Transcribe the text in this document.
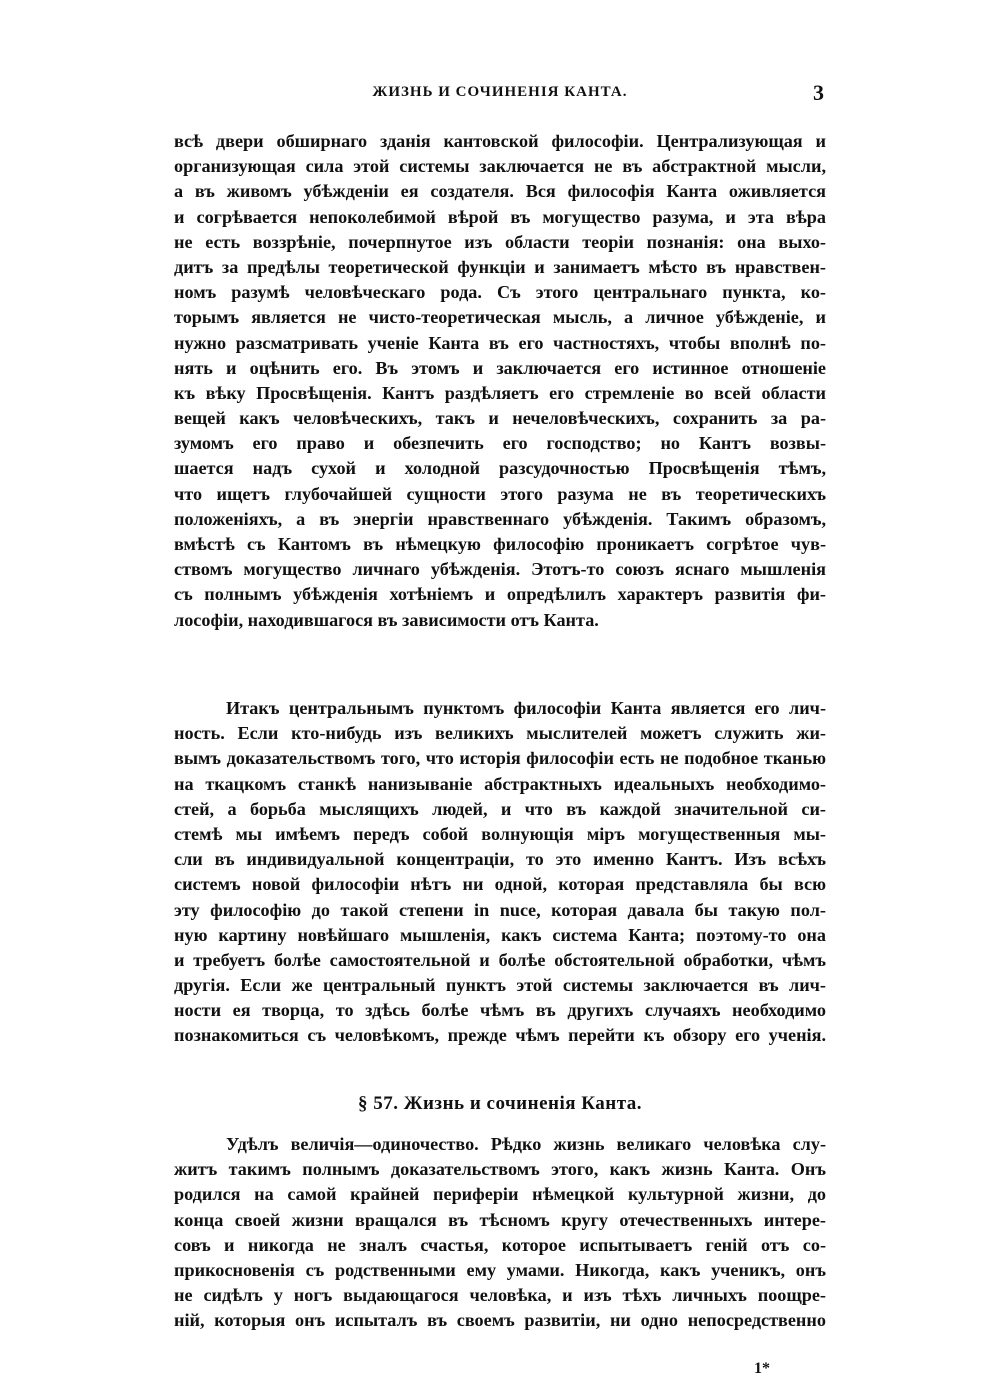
ЖИЗНЬ И СОЧИНЕНІЯ КАНТА.	3
всѣ двери обширнаго зданія кантовской философіи. Централизующая и
организующая сила этой системы заключается не въ абстрактной мысли,
а въ живомъ убѣжденіи ея создателя. Вся философія Канта оживляется
и согрѣвается непоколебимой вѣрой въ могущество разума, и эта вѣра
не есть воззрѣніе, почерпнутое изъ области теоріи познанія: она выхо-
дитъ за предѣлы теоретической функціи и занимаетъ мѣсто въ нравствен-
номъ разумѣ человѣческаго рода. Съ этого центральнаго пункта, ко-
торымъ является не чисто-теоретическая мысль, а личное убѣжденіе, и
нужно разсматривать ученіе Канта въ его частностяхъ, чтобы вполнѣ по-
нять и оцѣнить его. Въ этомъ и заключается его истинное отношеніе
къ вѣку Просвѣщенія. Кантъ раздѣляетъ его стремленіе во всей области
вещей какъ человѣческихъ, такъ и нечеловѣческихъ, сохранить за ра-
зумомъ его право и обезпечить его господство; но Кантъ возвы-
шается надъ сухой и холодной разсудочностью Просвѣщенія тѣмъ,
что ищетъ глубочайшей сущности этого разума не въ теоретическихъ
положеніяхъ, а въ энергіи нравственнаго убѣжденія. Такимъ образомъ,
вмѣстѣ съ Кантомъ въ нѣмецкую философію проникаетъ согрѣтое чув-
ствомъ могущество личнаго убѣжденія. Этотъ-то союзъ яснаго мышленія
съ полнымъ убѣжденія хотѣніемъ и опредѣлилъ характеръ развитія фи-
лософіи, находившагося въ зависимости отъ Канта.
Итакъ центральнымъ пунктомъ философіи Канта является его лич-
ность. Если кто-нибудь изъ великихъ мыслителей можетъ служить жи-
вымъ доказательствомъ того, что исторія философіи есть не подобное тканью
на ткацкомъ станкѣ нанизываніе абстрактныхъ идеальныхъ необходимо-
стей, а борьба мыслящихъ людей, и что въ каждой значительной си-
стемѣ мы имѣемъ передъ собой волнующія міръ могущественныя мы-
сли въ индивидуальной концентраціи, то это именно Кантъ. Изъ всѣхъ
системъ новой философіи нѣтъ ни одной, которая представляла бы всю
эту философію до такой степени in nuce, которая давала бы такую пол-
ную картину новѣйшаго мышленія, какъ система Канта; поэтому-то она
и требуетъ болѣе самостоятельной и болѣе обстоятельной обработки, чѣмъ
другія. Если же центральный пунктъ этой системы заключается въ лич-
ности ея творца, то здѣсь болѣе чѣмъ въ другихъ случаяхъ необходимо
познакомиться съ человѣкомъ, прежде чѣмъ перейти къ обзору его ученія.
§ 57. Жизнь и сочиненія Канта.
Удѣлъ величія—одиночество. Рѣдко жизнь великаго человѣка слу-
житъ такимъ полнымъ доказательствомъ этого, какъ жизнь Канта. Онъ
родился на самой крайней периферіи нѣмецкой культурной жизни, до
конца своей жизни вращался въ тѣсномъ кругу отечественныхъ интере-
совъ и никогда не зналъ счастья, которое испытываетъ геній отъ со-
прикосновенія съ родственными ему умами. Никогда, какъ ученикъ, онъ
не сидѣлъ у ногъ выдающагося человѣка, и изъ тѣхъ личныхъ поощре-
ній, которыя онъ испыталъ въ своемъ развитіи, ни одно непосредственно
1*
